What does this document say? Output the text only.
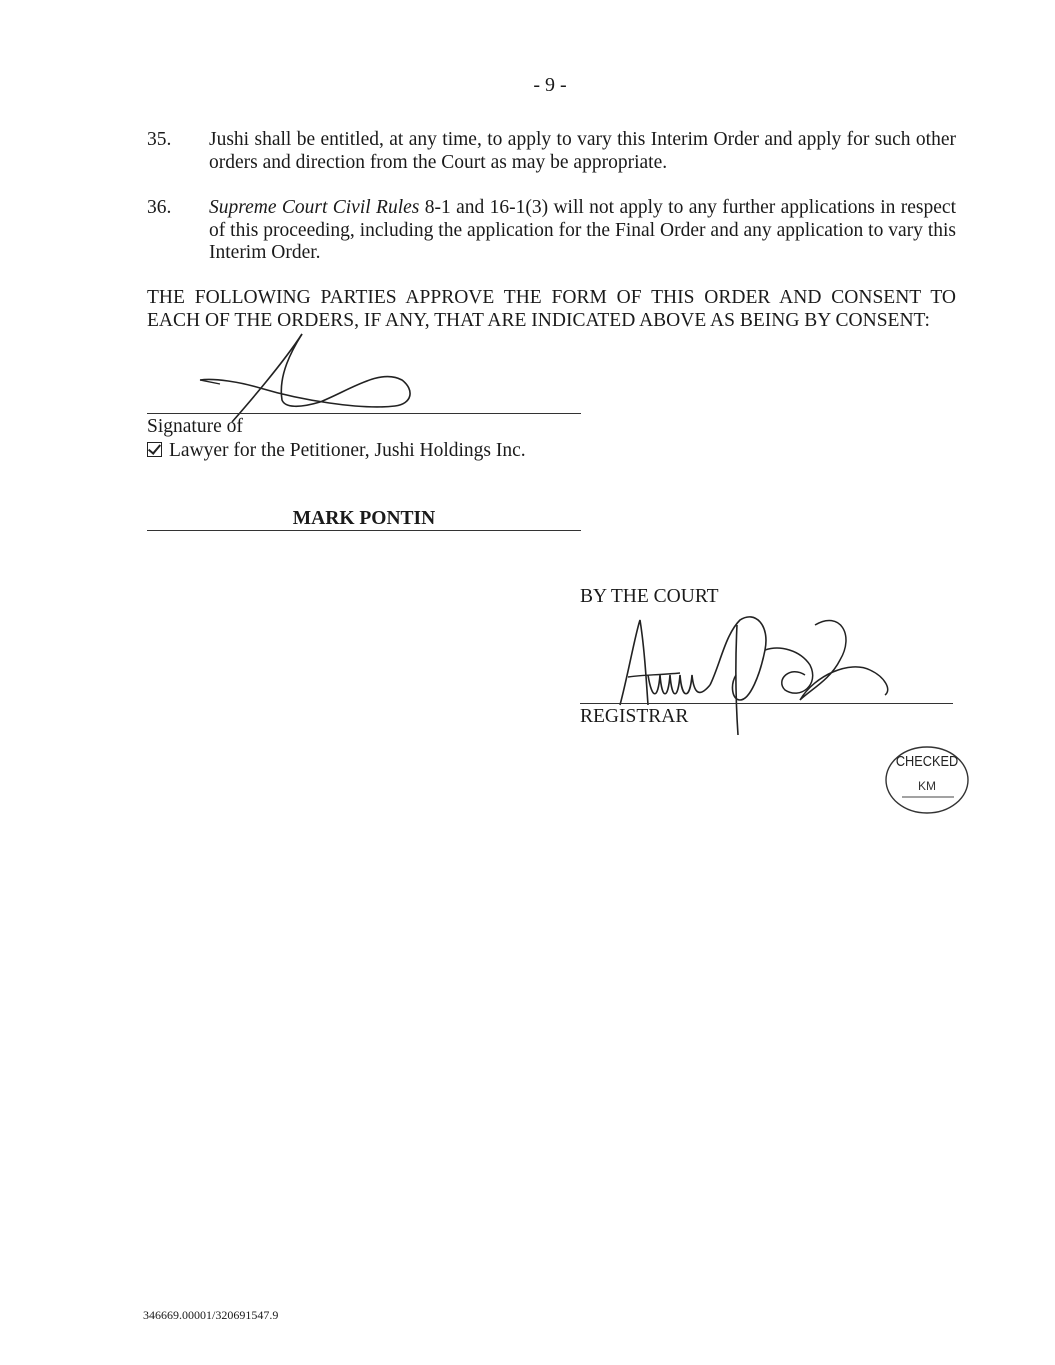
- 9 -
35. Jushi shall be entitled, at any time, to apply to vary this Interim Order and apply for such other orders and direction from the Court as may be appropriate.
36. Supreme Court Civil Rules 8-1 and 16-1(3) will not apply to any further applications in respect of this proceeding, including the application for the Final Order and any application to vary this Interim Order.
THE FOLLOWING PARTIES APPROVE THE FORM OF THIS ORDER AND CONSENT TO EACH OF THE ORDERS, IF ANY, THAT ARE INDICATED ABOVE AS BEING BY CONSENT:
Signature of
Lawyer for the Petitioner, Jushi Holdings Inc.
MARK PONTIN
BY THE COURT
REGISTRAR
CHECKED
KM
346669.00001/320691547.9
